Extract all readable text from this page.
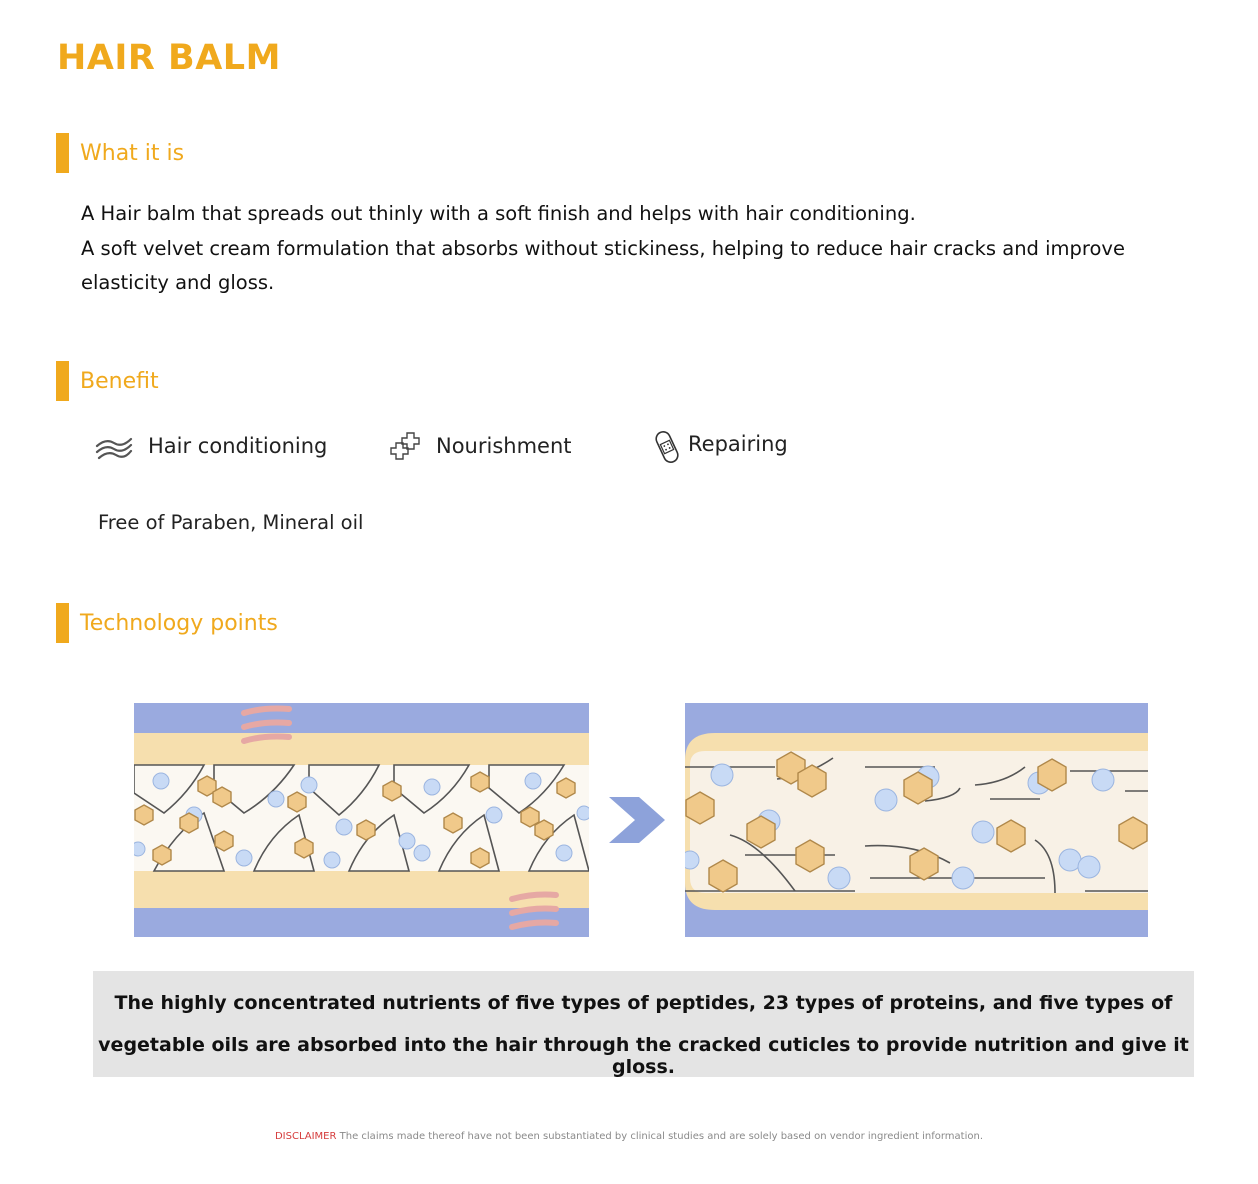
HAIR BALM
What it is

A Hair balm that spreads out thinly with a soft finish and helps with hair conditioning.

A soft velvet cream formulation that absorbs without stickiness, helping to reduce hair cracks and improve elasticity and gloss.

Benefit
Hair conditioning	Nourishment	Repairing
Free of Paraben, Mineral oil
Technology points

The highly concentrated nutrients of five types of peptides, 23 types of proteins, and five types of

vegetable oils are absorbed into the hair through the cracked cuticles to provide nutrition and give it gloss.

DISCLAIMER The claims made thereof have not been substantiated by clinical studies and are solely based on vendor ingredient information.
